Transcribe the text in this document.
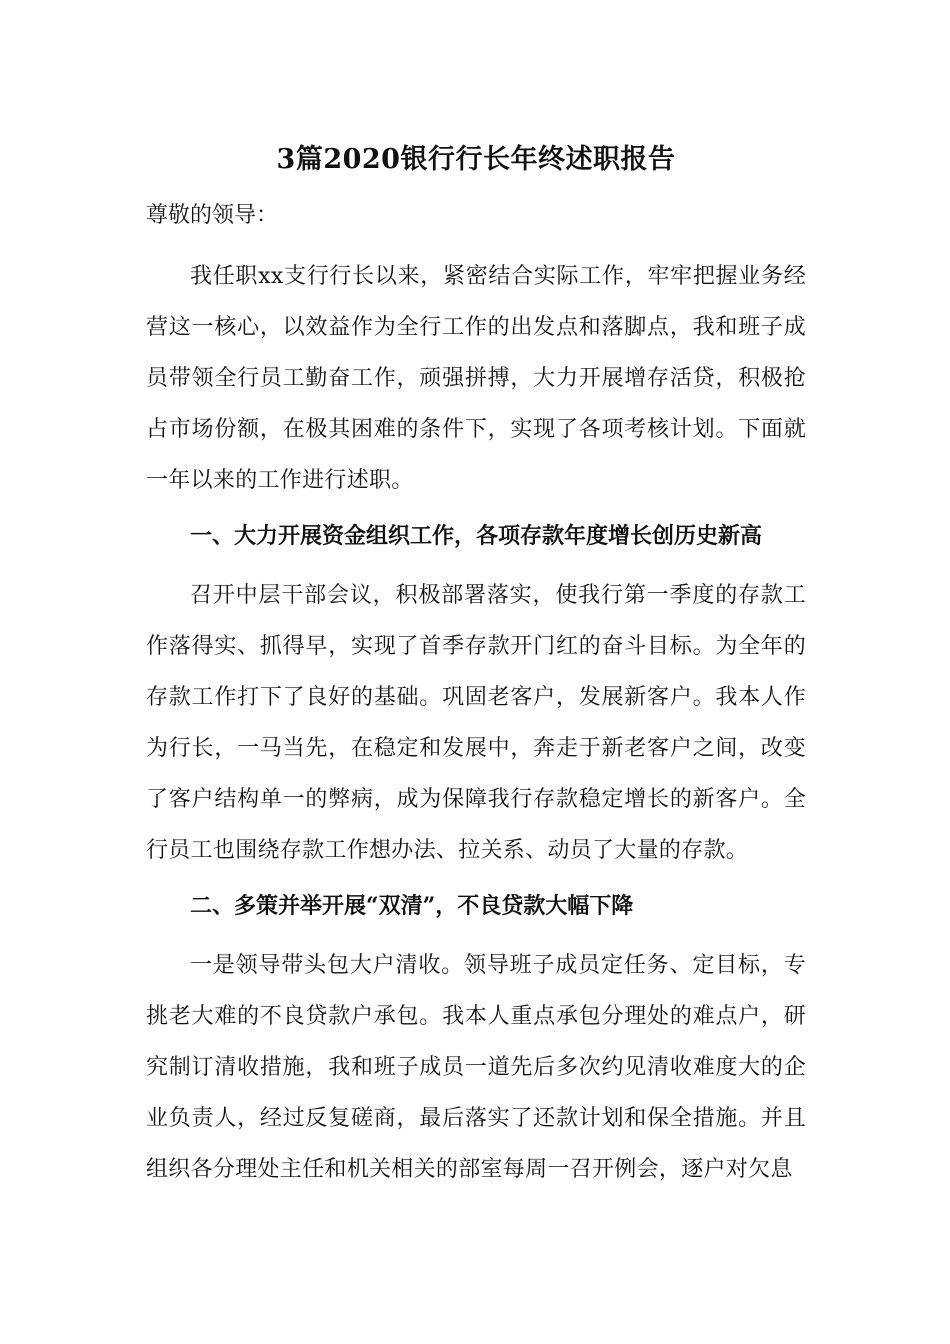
3篇2020银行行长年终述职报告

尊敬的领导：

我任职xx支行行长以来，紧密结合实际工作，牢牢把握业务经营这一核心，以效益作为全行工作的出发点和落脚点，我和班子成员带领全行员工勤奋工作，顽强拼搏，大力开展增存活贷，积极抢占市场份额，在极其困难的条件下，实现了各项考核计划。下面就一年以来的工作进行述职。

一、大力开展资金组织工作，各项存款年度增长创历史新高

召开中层干部会议，积极部署落实，使我行第一季度的存款工作落得实、抓得早，实现了首季存款开门红的奋斗目标。为全年的存款工作打下了良好的基础。巩固老客户，发展新客户。我本人作为行长，一马当先，在稳定和发展中，奔走于新老客户之间，改变了客户结构单一的弊病，成为保障我行存款稳定增长的新客户。全行员工也围绕存款工作想办法、拉关系、动员了大量的存款。

二、多策并举开展“双清”，不良贷款大幅下降

一是领导带头包大户清收。领导班子成员定任务、定目标，专挑老大难的不良贷款户承包。我本人重点承包分理处的难点户，研究制订清收措施，我和班子成员一道先后多次约见清收难度大的企业负责人，经过反复磋商，最后落实了还款计划和保全措施。并且组织各分理处主任和机关相关的部室每周一召开例会，逐户对欠息
